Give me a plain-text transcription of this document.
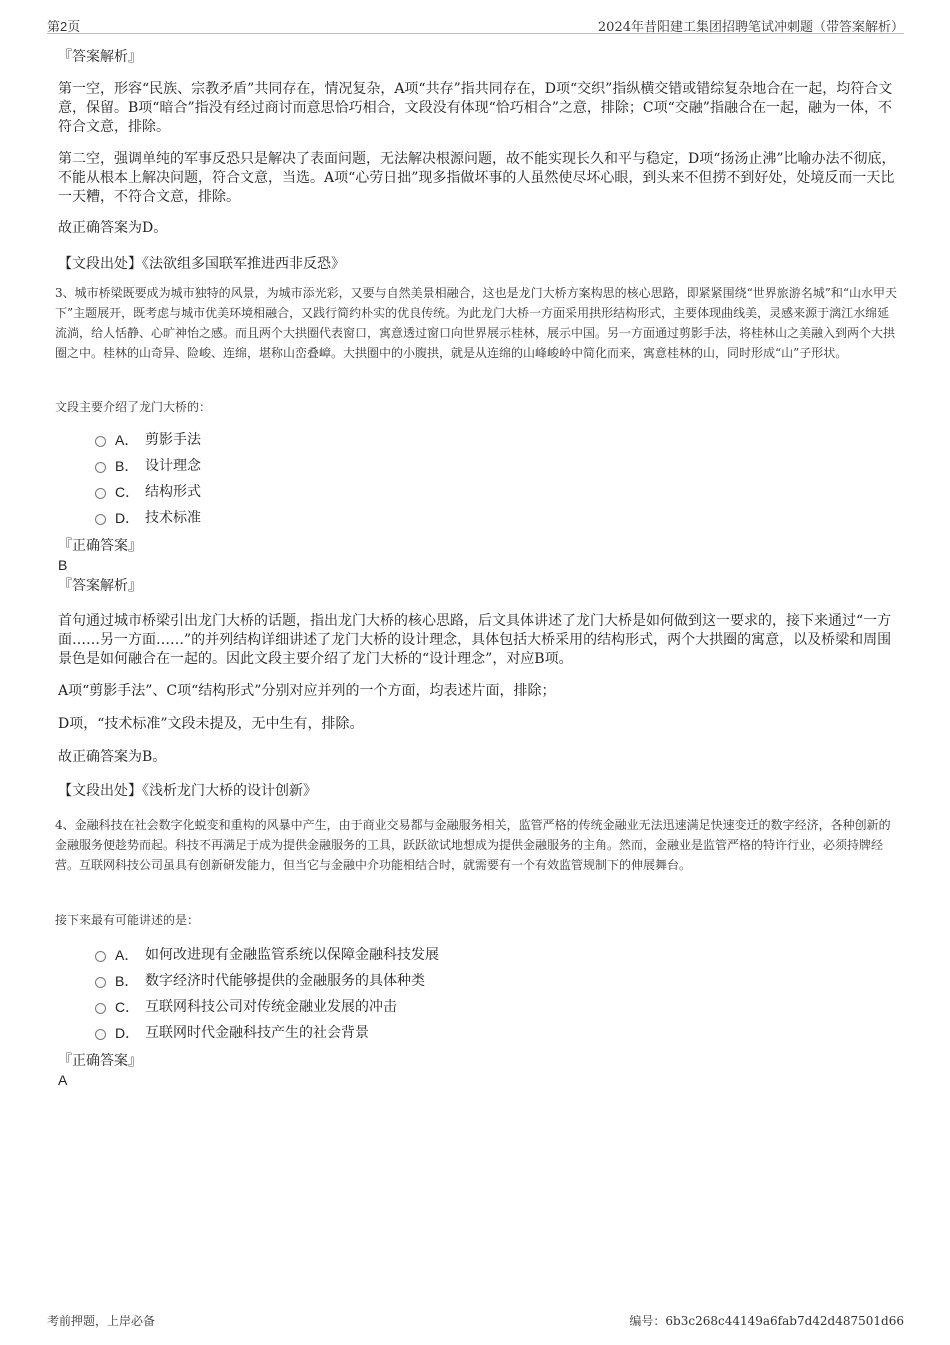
第2页	2024年昔阳建工集团招聘笔试冲刺题（带答案解析）
『答案解析』
第一空，形容“民族、宗教矛盾”共同存在，情况复杂，A项“共存”指共同存在，D项“交织”指纵横交错或错综复杂地合在一起，均符合文意，保留。B项“暗合”指没有经过商讨而意思恰巧相合，文段没有体现“恰巧相合”之意，排除；C项“交融”指融合在一起，融为一体，不符合文意，排除。
第二空，强调单纯的军事反恐只是解决了表面问题，无法解决根源问题，故不能实现长久和平与稳定，D项“扬汤止沸”比喻办法不彻底，不能从根本上解决问题，符合文意，当选。A项“心劳日拙”现多指做坏事的人虽然使尽坏心眼，到头来不但捞不到好处，处境反而一天比一天糟，不符合文意，排除。
故正确答案为D。
【文段出处】《法欲组多国联军推进西非反恐》
3、城市桥梁既要成为城市独特的风景，为城市添光彩，又要与自然美景相融合，这也是龙门大桥方案构思的核心思路，即紧紧围绕“世界旅游名城”和“山水甲天下”主题展开，既考虑与城市优美环境相融合，又践行简约朴实的优良传统。为此龙门大桥一方面采用拱形结构形式，主要体现曲线美，灵感来源于漓江水绵延流淌，给人恬静、心旷神怡之感。而且两个大拱圈代表窗口，寓意透过窗口向世界展示桂林，展示中国。另一方面通过剪影手法，将桂林山之美融入到两个大拱圈之中。桂林的山奇异、险峻、连绵，堪称山峦叠嶂。大拱圈中的小腹拱，就是从连绵的山峰峻岭中简化而来，寓意桂林的山，同时形成“山”子形状。
文段主要介绍了龙门大桥的：
A． 剪影手法
B． 设计理念
C． 结构形式
D． 技术标准
『正确答案』
B
『答案解析』
首句通过城市桥梁引出龙门大桥的话题，指出龙门大桥的核心思路，后文具体讲述了龙门大桥是如何做到这一要求的，接下来通过“一方面……另一方面……”的并列结构详细讲述了龙门大桥的设计理念，具体包括大桥采用的结构形式，两个大拱圈的寓意，以及桥梁和周围景色是如何融合在一起的。因此文段主要介绍了龙门大桥的“设计理念”，对应B项。
A项“剪影手法”、C项“结构形式”分别对应并列的一个方面，均表述片面，排除；
D项，“技术标准”文段未提及，无中生有，排除。
故正确答案为B。
【文段出处】《浅析龙门大桥的设计创新》
4、金融科技在社会数字化蜕变和重构的风暴中产生，由于商业交易都与金融服务相关，监管严格的传统金融业无法迅速满足快速变迁的数字经济，各种创新的金融服务便趁势而起。科技不再满足于成为提供金融服务的工具，跃跃欲试地想成为提供金融服务的主角。然而，金融业是监管严格的特许行业，必须持牌经营。互联网科技公司虽具有创新研发能力，但当它与金融中介功能相结合时，就需要有一个有效监管规制下的伸展舞台。
接下来最有可能讲述的是：
A． 如何改进现有金融监管系统以保障金融科技发展
B． 数字经济时代能够提供的金融服务的具体种类
C． 互联网科技公司对传统金融业发展的冲击
D． 互联网时代金融科技产生的社会背景
『正确答案』
A
考前押题，上岸必备	编号：6b3c268c44149a6fab7d42d487501d66
